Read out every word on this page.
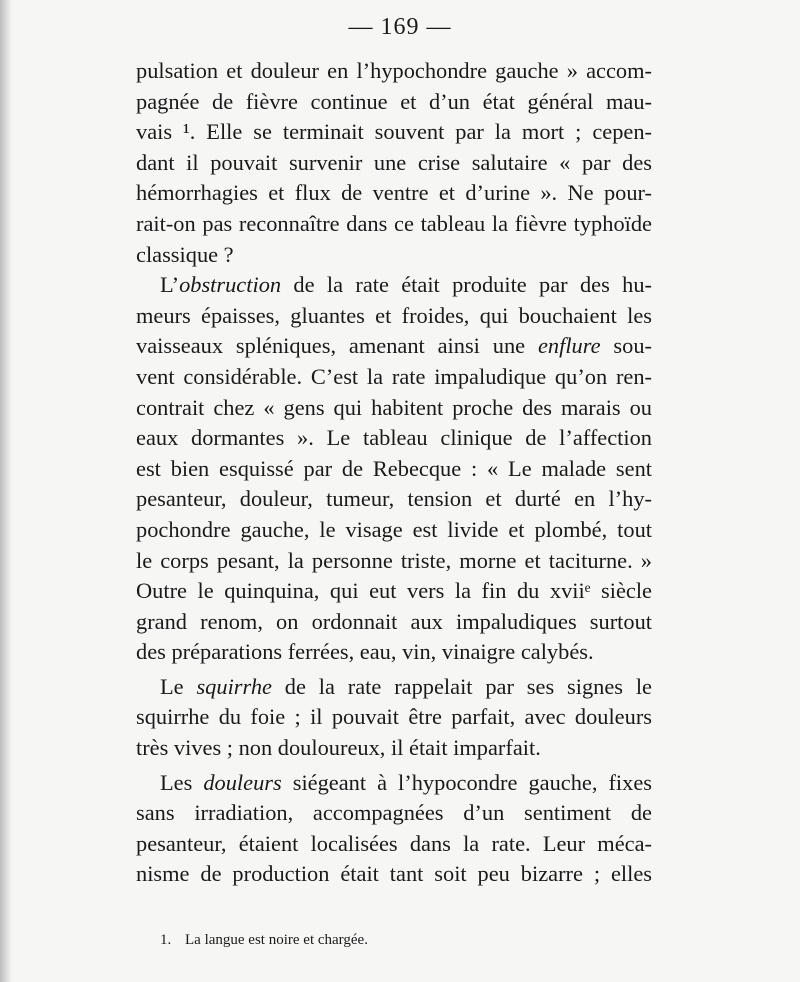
— 169 —
pulsation et douleur en l’hypochondre gauche » accom-
pagnée de fièvre continue et d’un état général mau-
vais ¹. Elle se terminait souvent par la mort ; cepen-
dant il pouvait survenir une crise salutaire « par des
hémorrhagies et flux de ventre et d’urine ». Ne pour-
rait-on pas reconnaître dans ce tableau la fièvre typhoïde
classique ?
L’obstruction de la rate était produite par des hu-
meurs épaisses, gluantes et froides, qui bouchaient les
vaisseaux spléniques, amenant ainsi une enflure sou-
vent considérable. C’est la rate impaludique qu’on ren-
contrait chez « gens qui habitent proche des marais ou
eaux dormantes ». Le tableau clinique de l’affection
est bien esquissé par de Rebecque : « Le malade sent
pesanteur, douleur, tumeur, tension et durté en l’hy-
pochondre gauche, le visage est livide et plombé, tout
le corps pesant, la personne triste, morne et taciturne. »
Outre le quinquina, qui eut vers la fin du xviiᵉ siècle
grand renom, on ordonnait aux impaludiques surtout
des préparations ferrées, eau, vin, vinaigre calybés.
Le squirrhe de la rate rappelait par ses signes le
squirrhe du foie ; il pouvait être parfait, avec douleurs
très vives ; non douloureux, il était imparfait.
Les douleurs siégeant à l’hypocondre gauche, fixes
sans irradiation, accompagnées d’un sentiment de
pesanteur, étaient localisées dans la rate. Leur méca-
nisme de production était tant soit peu bizarre ; elles
1. La langue est noire et chargée.
